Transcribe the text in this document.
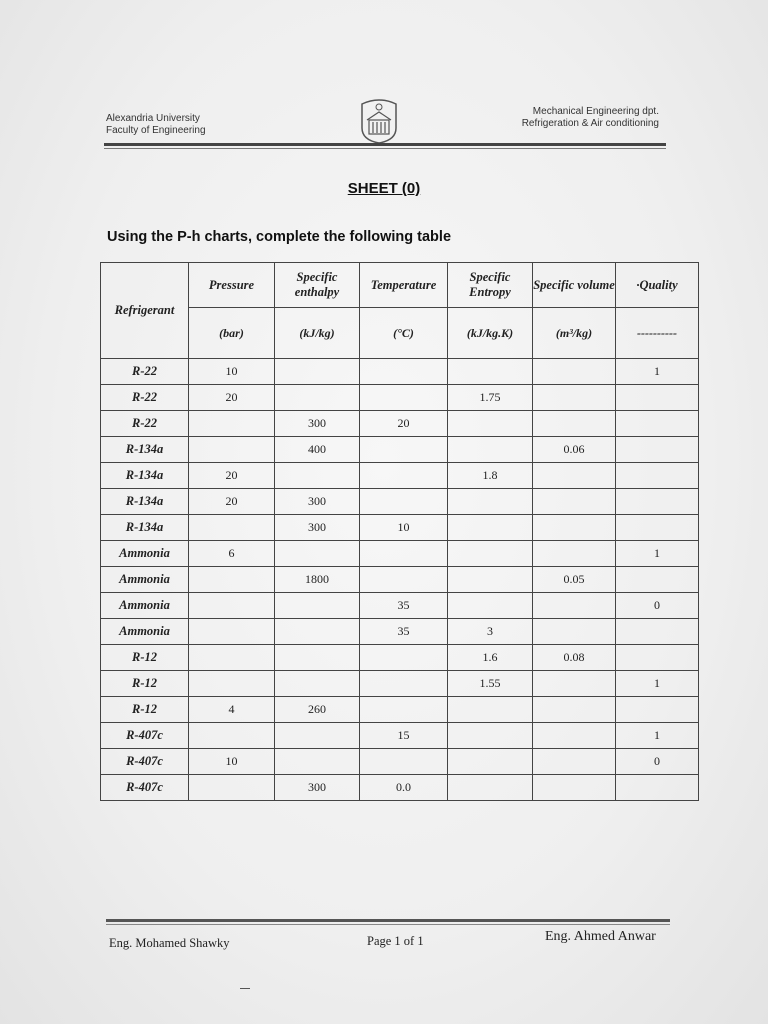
Alexandria University
Faculty of Engineering
Mechanical Engineering dpt.
Refrigeration & Air conditioning
SHEET (0)
Using the P-h charts, complete the following table
Refrigerant	Pressure	Specific enthalpy	Temperature	Specific Entropy	Specific volume	·Quality
	(bar)	(kJ/kg)	(°C)	(kJ/kg.K)	(m³/kg)	----------
R-22	10					1
R-22	20			1.75		
R-22		300	20			
R-134a		400			0.06	
R-134a	20			1.8		
R-134a	20	300				
R-134a		300	10			
Ammonia	6					1
Ammonia		1800			0.05	
Ammonia			35			0
Ammonia			35	3		
R-12				1.6	0.08	
R-12				1.55		1
R-12	4	260				
R-407c			15			1
R-407c	10					0
R-407c		300	0.0			
Eng. Mohamed Shawky	Page 1 of 1	Eng. Ahmed Anwar
